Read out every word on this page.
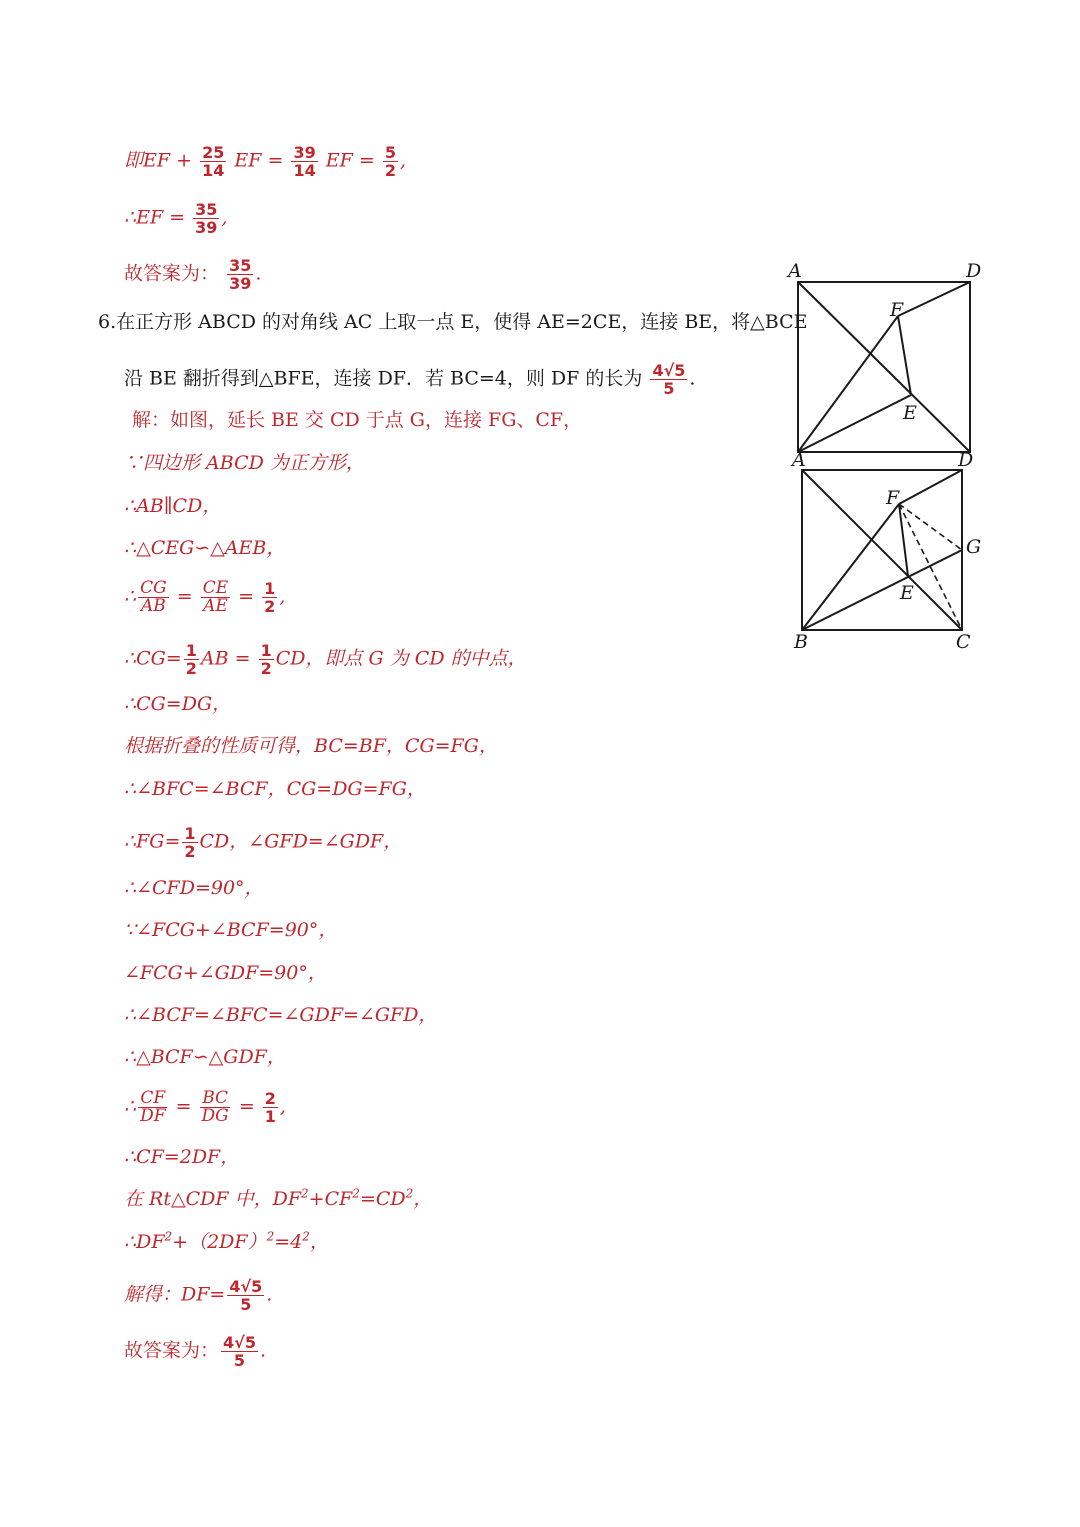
即EF + $\frac{25}{14}$ EF = $\frac{39}{14}$ EF = $\frac{5}{2}$ ,
∴EF = $\frac{35}{39}$ ,
故答案为： $\frac{35}{39}$ .
6.在正方形 ABCD 的对角线 AC 上取一点 E，使得 AE=2CE，连接 BE，将△BCE
沿 BE 翻折得到△BFE，连接 DF．若 BC=4，则 DF 的长为 $\frac{4√5}{5}$ .
解：如图，延长 BE 交 CD 于点 G，连接 FG、CF，
∵四边形 ABCD 为正方形，
∴AB∥CD，
∴△CEG∽△AEB，
∴ $\frac{CG}{AB} = \frac{CE}{AE} = \frac{1}{2}$ ,
∴CG= $\frac{1}{2}$ AB = $\frac{1}{2}$ CD，即点 G 为 CD 的中点，
∴CG=DG，
根据折叠的性质可得，BC=BF，CG=FG，
∴∠BFC=∠BCF，CG=DG=FG，
∴FG= $\frac{1}{2}$ CD，∠GFD=∠GDF，
∴∠CFD=90°，
∵∠FCG+∠BCF=90°，
∠FCG+∠GDF=90°，
∴∠BCF=∠BFC=∠GDF=∠GFD，
∴△BCF∽△GDF，
∴ $\frac{CF}{DF} = \frac{BC}{DG} = \frac{2}{1}$ ,
∴CF=2DF，
在 Rt△CDF 中，$DF^2+CF^2=CD^2$，
$\therefore DF^2+(2DF)^2=4^2$，
解得：$DF= \frac{4√5}{5}$ .
故答案为： $\frac{4√5}{5}$ .
A	D
F
E
A	D
F
G
E
B	C
